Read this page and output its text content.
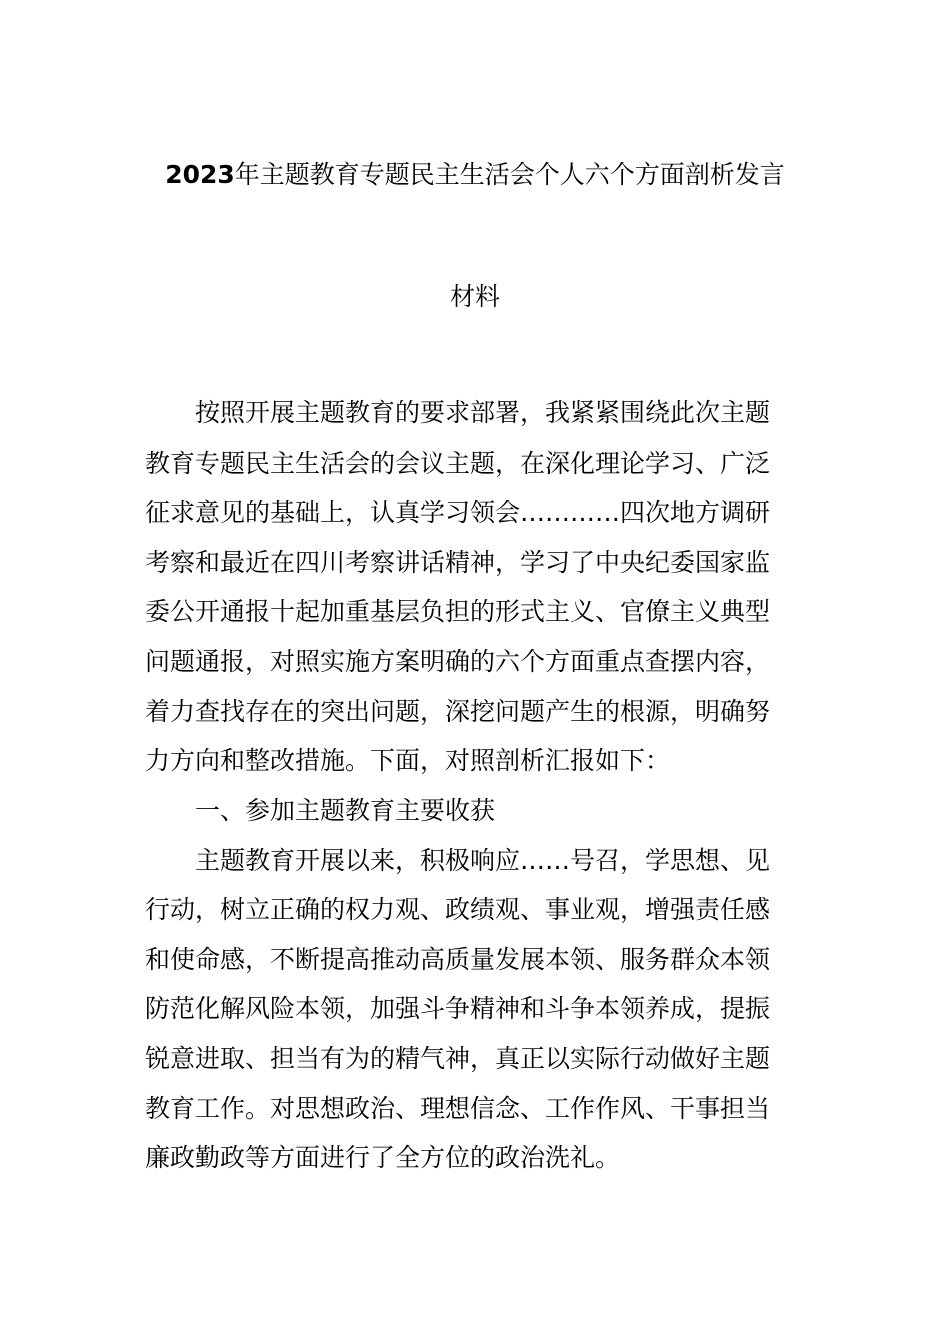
2023年主题教育专题民主生活会个人六个方面剖析发言
材料
按照开展主题教育的要求部署，我紧紧围绕此次主题
教育专题民主生活会的会议主题，在深化理论学习、广泛
征求意见的基础上，认真学习领会…………四次地方调研
考察和最近在四川考察讲话精神，学习了中央纪委国家监
委公开通报十起加重基层负担的形式主义、官僚主义典型
问题通报，对照实施方案明确的六个方面重点查摆内容，
着力查找存在的突出问题，深挖问题产生的根源，明确努
力方向和整改措施。下面，对照剖析汇报如下：
一、参加主题教育主要收获
主题教育开展以来，积极响应……号召，学思想、见
行动，树立正确的权力观、政绩观、事业观，增强责任感
和使命感，不断提高推动高质量发展本领、服务群众本领
防范化解风险本领，加强斗争精神和斗争本领养成，提振
锐意进取、担当有为的精气神，真正以实际行动做好主题
教育工作。对思想政治、理想信念、工作作风、干事担当
廉政勤政等方面进行了全方位的政治洗礼。
